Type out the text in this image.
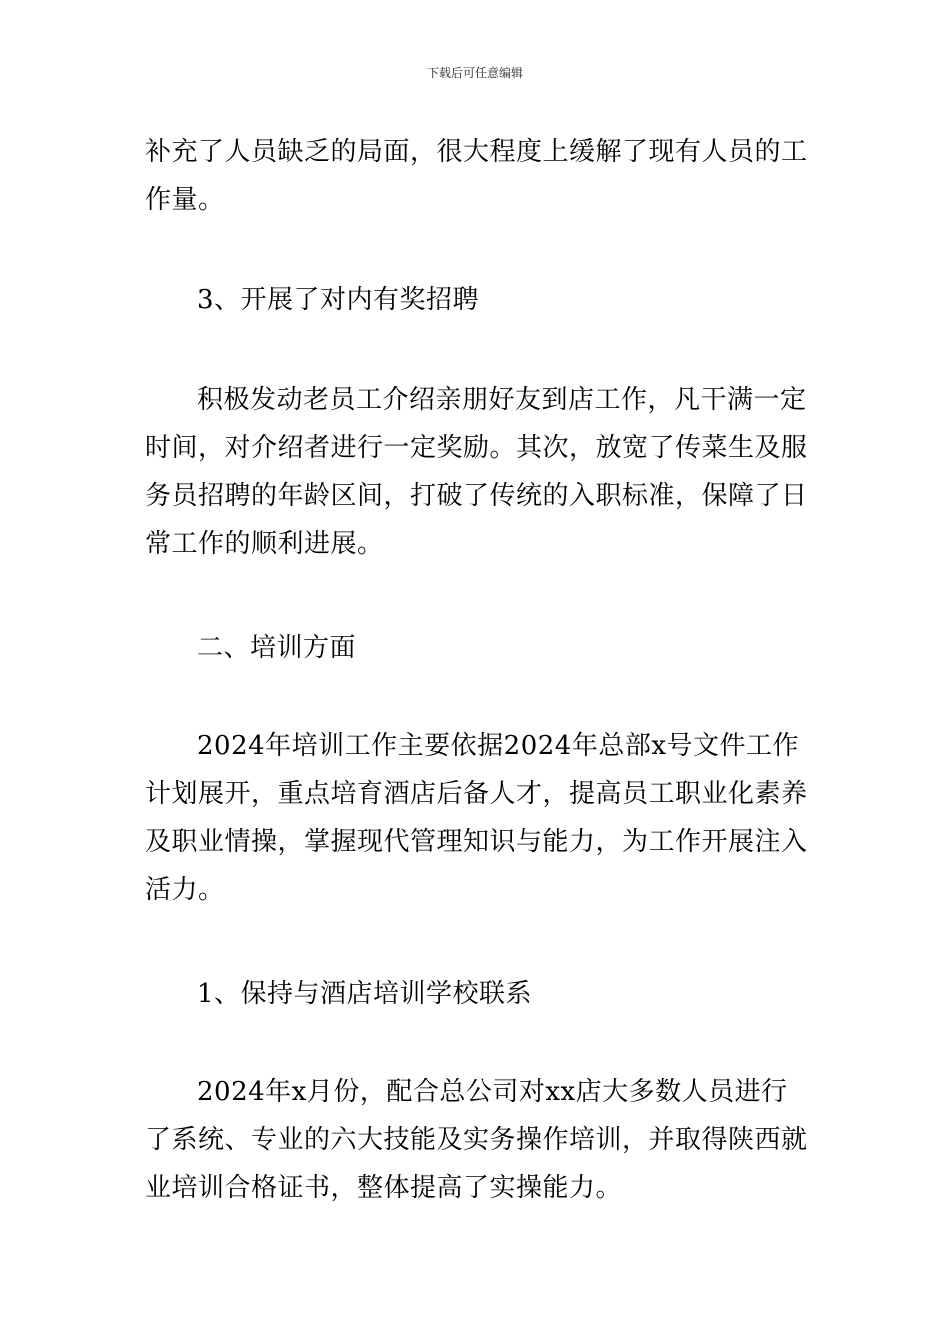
下载后可任意编辑

补充了人员缺乏的局面，很大程度上缓解了现有人员的工作量。

3、开展了对内有奖招聘

积极发动老员工介绍亲朋好友到店工作，凡干满一定时间，对介绍者进行一定奖励。其次，放宽了传菜生及服务员招聘的年龄区间，打破了传统的入职标准，保障了日常工作的顺利进展。

二、培训方面

2024年培训工作主要依据2024年总部x号文件工作计划展开，重点培育酒店后备人才，提高员工职业化素养及职业情操，掌握现代管理知识与能力，为工作开展注入活力。

1、保持与酒店培训学校联系

2024年x月份，配合总公司对xx店大多数人员进行了系统、专业的六大技能及实务操作培训，并取得陕西就业培训合格证书，整体提高了实操能力。
